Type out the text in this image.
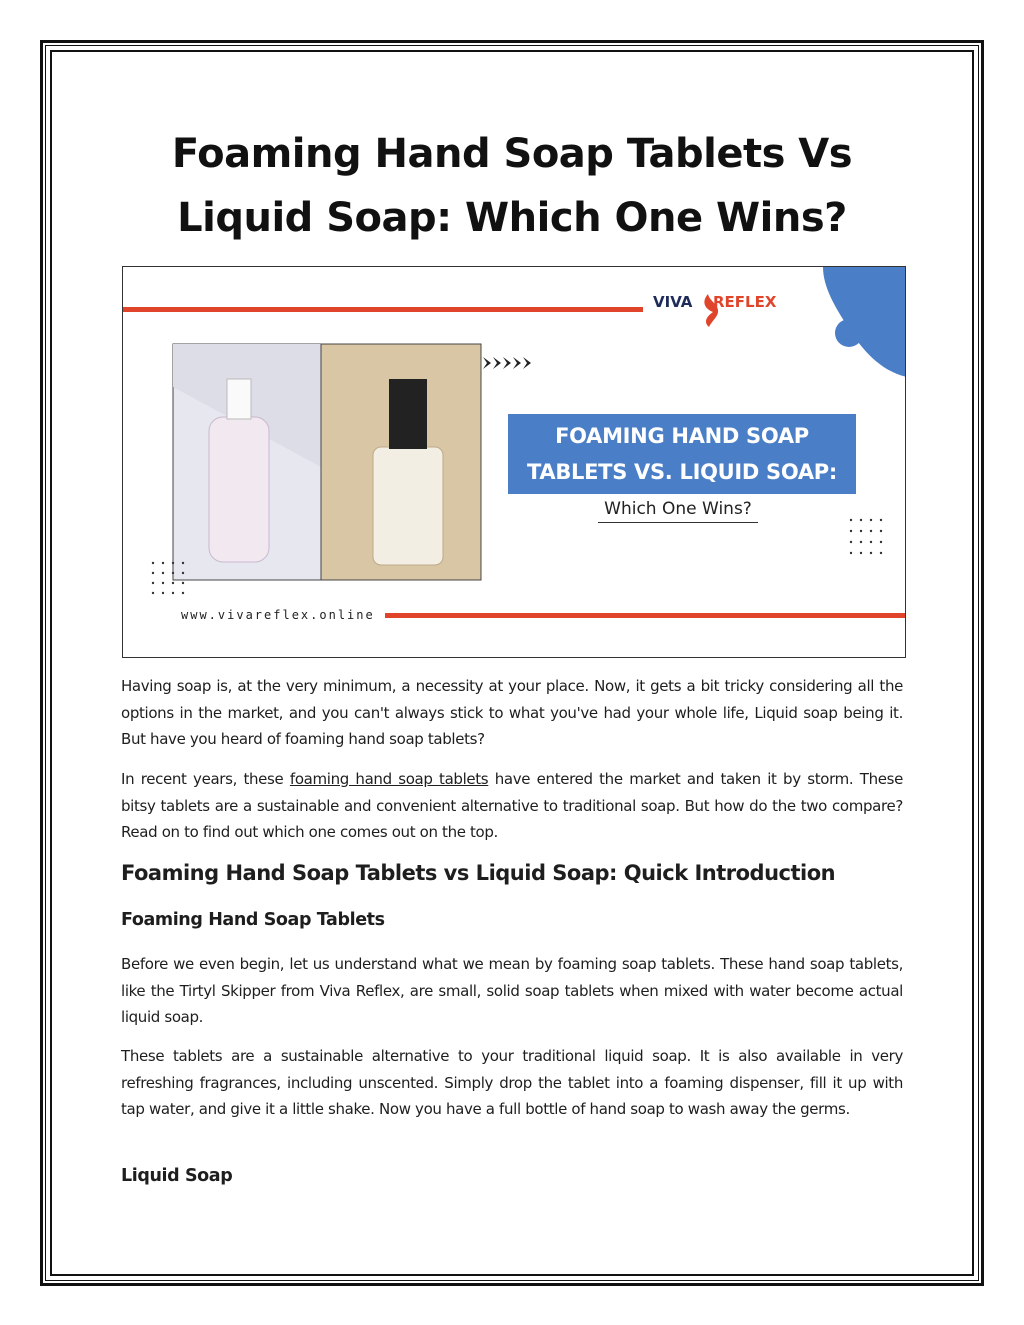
Foaming Hand Soap Tablets Vs Liquid Soap: Which One Wins?
VIVA REFLEX
FOAMING HAND SOAP
TABLETS VS. LIQUID SOAP:
Which One Wins?
www.vivareflex.online

Having soap is, at the very minimum, a necessity at your place. Now, it gets a bit tricky considering all the options in the market, and you can't always stick to what you've had your whole life, Liquid soap being it. But have you heard of foaming hand soap tablets?

In recent years, these foaming hand soap tablets have entered the market and taken it by storm. These bitsy tablets are a sustainable and convenient alternative to traditional soap. But how do the two compare? Read on to find out which one comes out on the top.

Foaming Hand Soap Tablets vs Liquid Soap: Quick Introduction
Foaming Hand Soap Tablets

Before we even begin, let us understand what we mean by foaming soap tablets. These hand soap tablets, like the Tirtyl Skipper from Viva Reflex, are small, solid soap tablets when mixed with water become actual liquid soap.

These tablets are a sustainable alternative to your traditional liquid soap. It is also available in very refreshing fragrances, including unscented. Simply drop the tablet into a foaming dispenser, fill it up with tap water, and give it a little shake. Now you have a full bottle of hand soap to wash away the germs.

Liquid Soap
